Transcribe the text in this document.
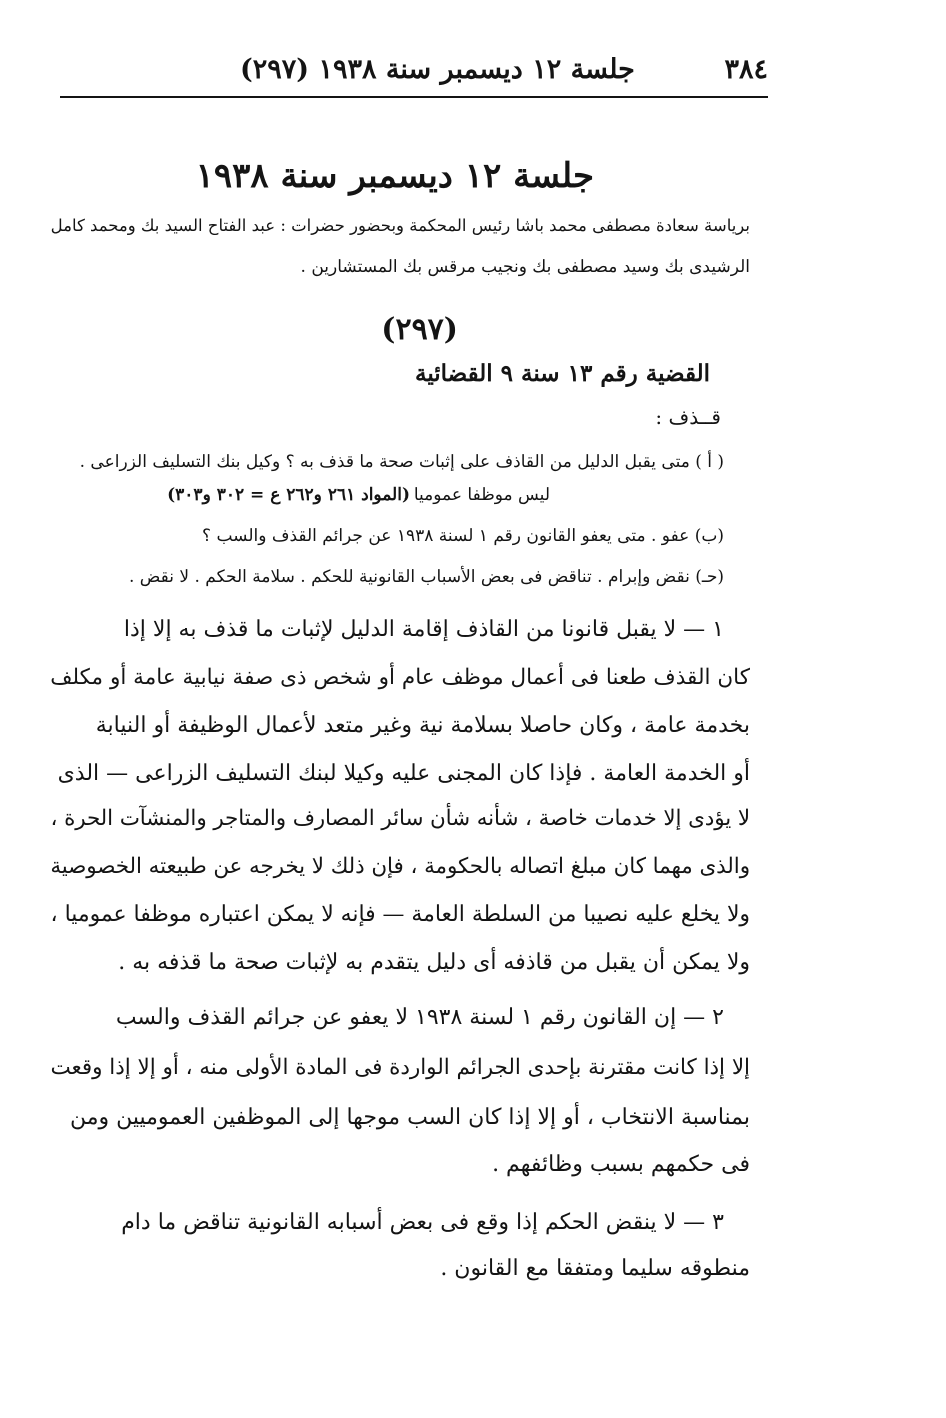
٣٨٤
جلسة ١٢ ديسمبر سنة ١٩٣٨ (٢٩٧)
جلسة ١٢ ديسمبر سنة ١٩٣٨
برياسة سعادة مصطفى محمد باشا رئيس المحكمة وبحضور حضرات : عبد الفتاح السيد بك ومحمد كامل
الرشيدى بك وسيد مصطفى بك ونجيب مرقس بك المستشارين .
(٢٩٧)
القضية رقم ١٣ سنة ٩ القضائية
قــذف :
( أ ) متى يقبل الدليل من القاذف على إثبات صحة ما قذف به ؟ وكيل بنك التسليف الزراعى .
ليس موظفا عموميا .
(المواد ٢٦١ و٢٦٢ ع = ٣٠٢ و٣٠٣)
(ب) عفو . متى يعفو القانون رقم ١ لسنة ١٩٣٨ عن جرائم القذف والسب ؟
(حـ) نقض وإبرام . تناقض فى بعض الأسباب القانونية للحكم . سلامة الحكم . لا نقض .
١ — لا يقبل قانونا من القاذف إقامة الدليل لإثبات ما قذف به إلا إذا
كان القذف طعنا فى أعمال موظف عام أو شخص ذى صفة نيابية عامة أو مكلف
بخدمة عامة ، وكان حاصلا بسلامة نية وغير متعد لأعمال الوظيفة أو النيابة
أو الخدمة العامة . فإذا كان المجنى عليه وكيلا لبنك التسليف الزراعى — الذى
لا يؤدى إلا خدمات خاصة ، شأنه شأن سائر المصارف والمتاجر والمنشآت الحرة ،
والذى مهما كان مبلغ اتصاله بالحكومة ، فإن ذلك لا يخرجه عن طبيعته الخصوصية
ولا يخلع عليه نصيبا من السلطة العامة — فإنه لا يمكن اعتباره موظفا عموميا ،
ولا يمكن أن يقبل من قاذفه أى دليل يتقدم به لإثبات صحة ما قذفه به .
٢ — إن القانون رقم ١ لسنة ١٩٣٨ لا يعفو عن جرائم القذف والسب
إلا إذا كانت مقترنة بإحدى الجرائم الواردة فى المادة الأولى منه ، أو إلا إذا وقعت
بمناسبة الانتخاب ، أو إلا إذا كان السب موجها إلى الموظفين العموميين ومن
فى حكمهم بسبب وظائفهم .
٣ — لا ينقض الحكم إذا وقع فى بعض أسبابه القانونية تناقض ما دام
منطوقه سليما ومتفقا مع القانون .
